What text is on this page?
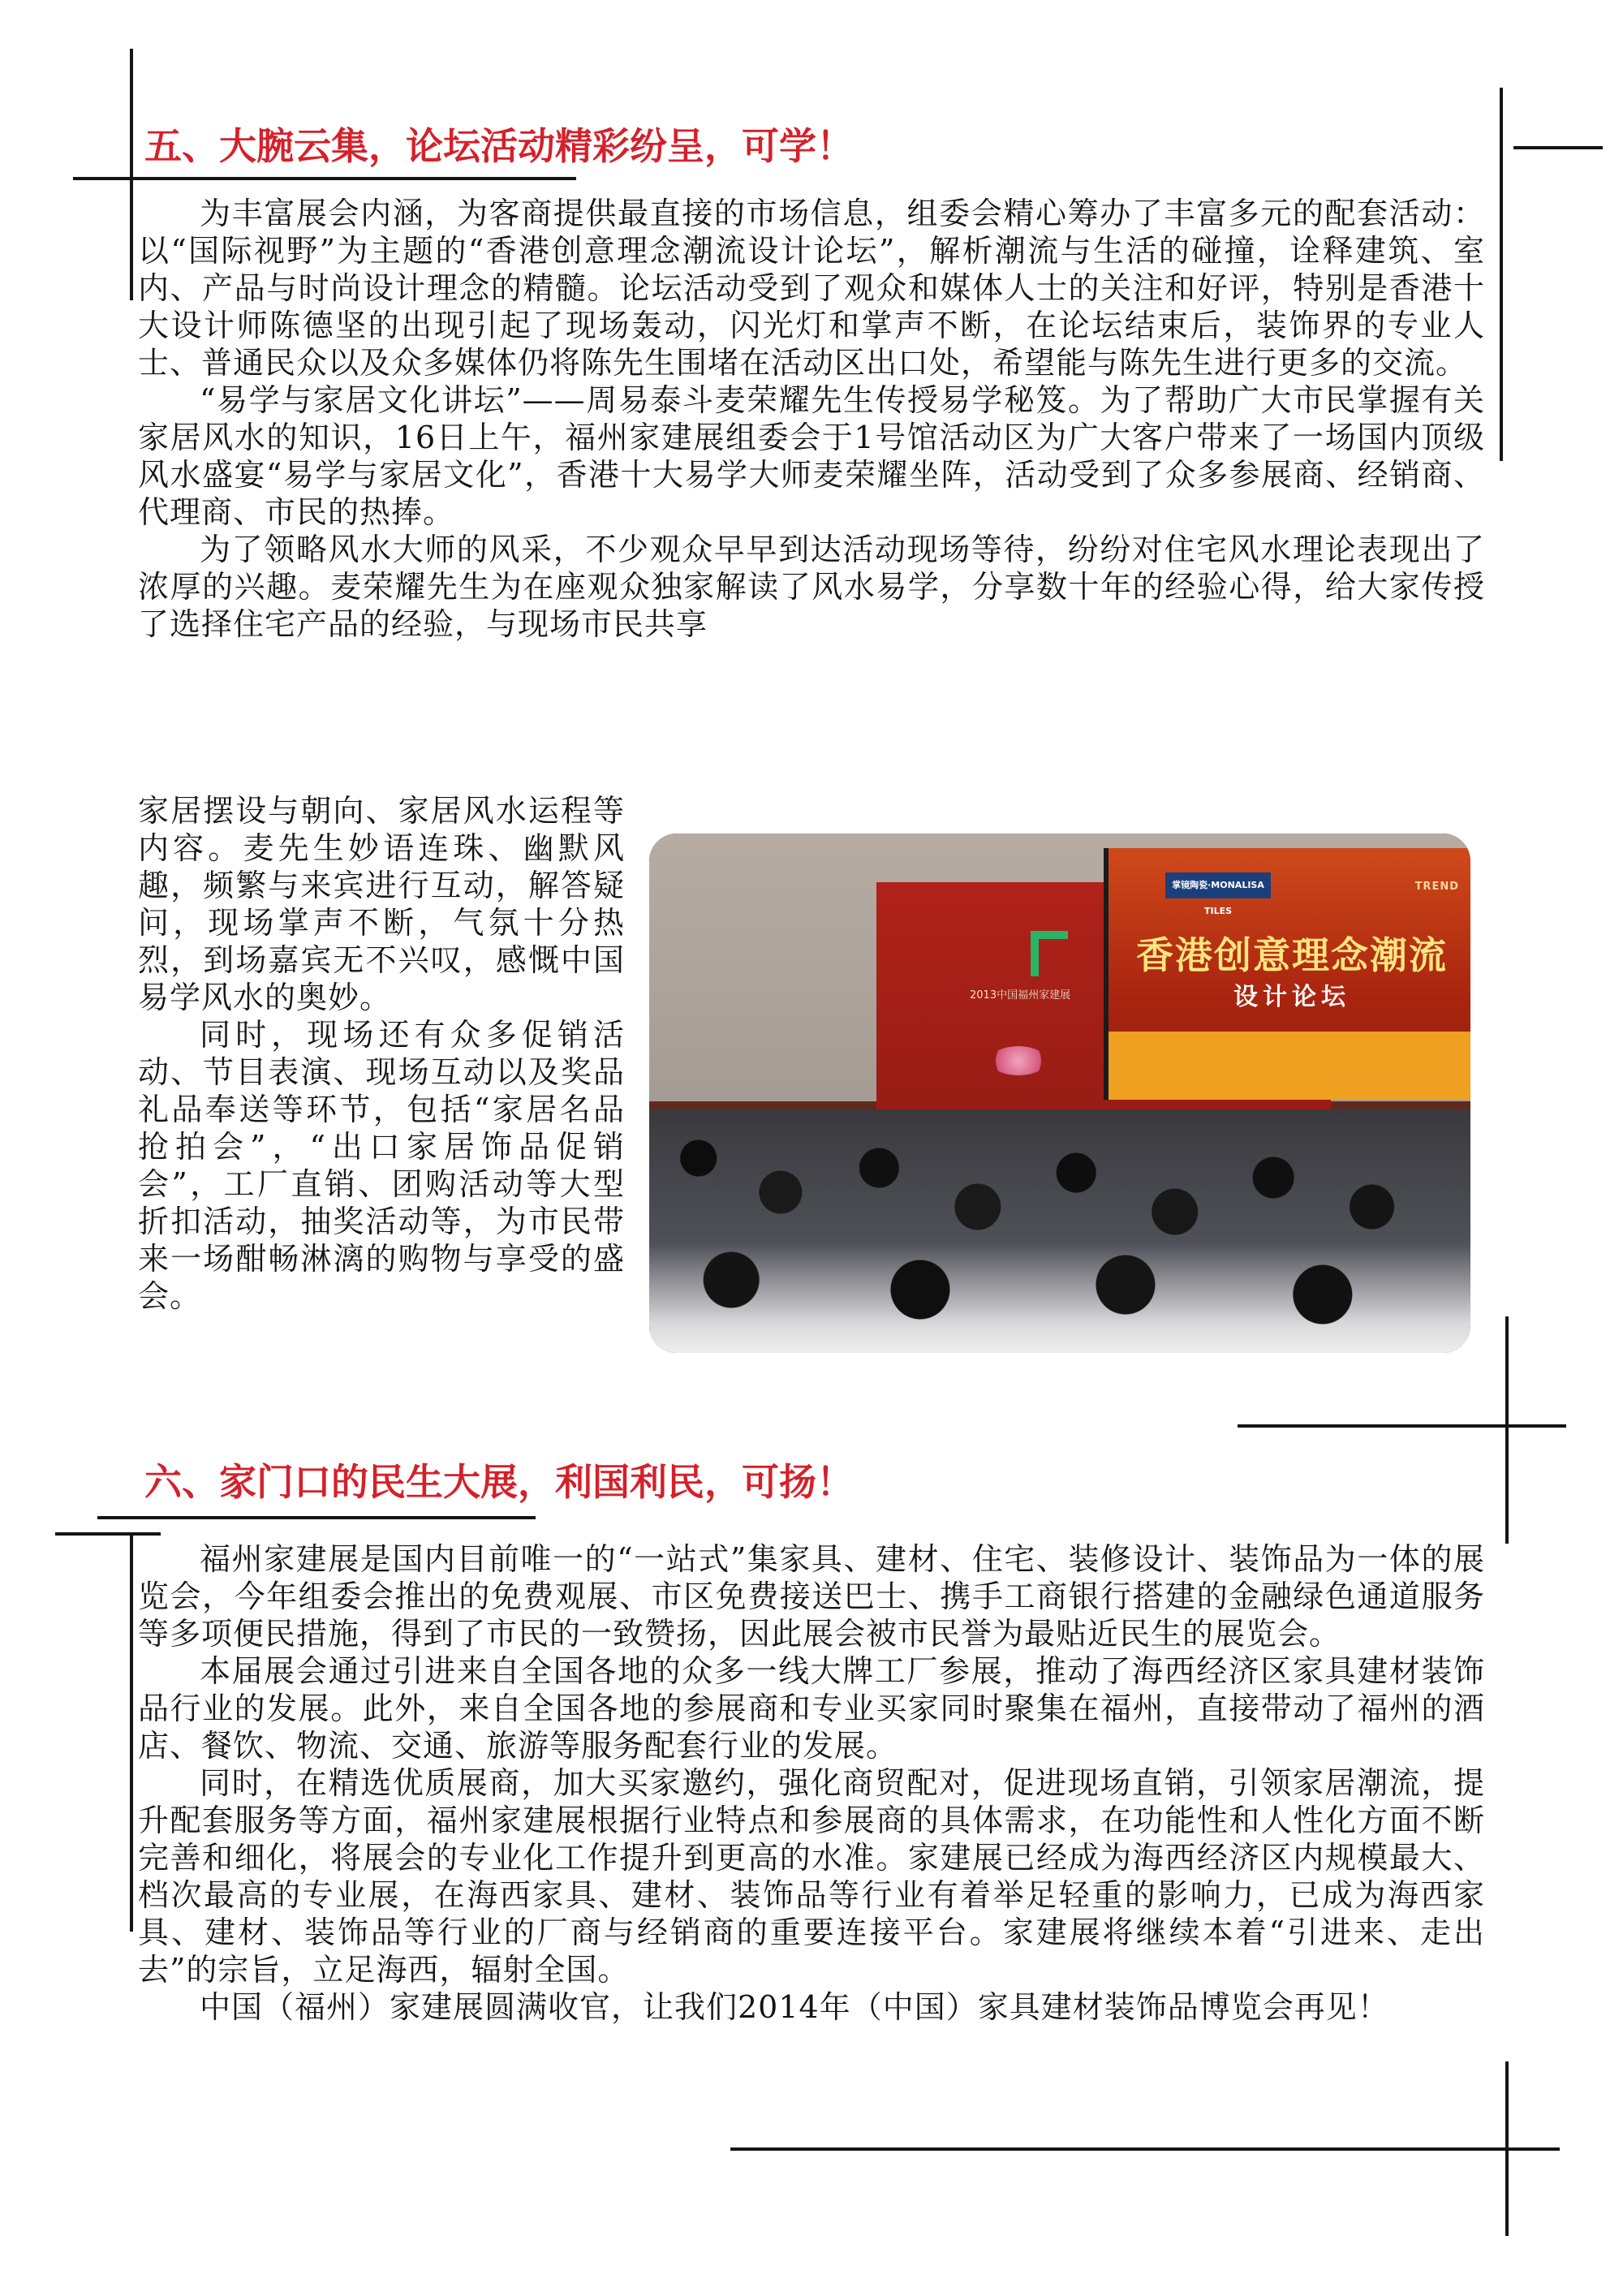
五、大腕云集，论坛活动精彩纷呈，可学！

为丰富展会内涵，为客商提供最直接的市场信息，组委会精心筹办了丰富多元的配套活动：以“国际视野”为主题的“香港创意理念潮流设计论坛”，解析潮流与生活的碰撞，诠释建筑、室内、产品与时尚设计理念的精髓。论坛活动受到了观众和媒体人士的关注和好评，特别是香港十大设计师陈德坚的出现引起了现场轰动，闪光灯和掌声不断，在论坛结束后，装饰界的专业人士、普通民众以及众多媒体仍将陈先生围堵在活动区出口处，希望能与陈先生进行更多的交流。

“易学与家居文化讲坛”——周易泰斗麦荣耀先生传授易学秘笈。为了帮助广大市民掌握有关家居风水的知识，16日上午，福州家建展组委会于1号馆活动区为广大客户带来了一场国内顶级风水盛宴“易学与家居文化”，香港十大易学大师麦荣耀坐阵，活动受到了众多参展商、经销商、代理商、市民的热捧。

为了领略风水大师的风采，不少观众早早到达活动现场等待，纷纷对住宅风水理论表现出了浓厚的兴趣。麦荣耀先生为在座观众独家解读了风水易学，分享数十年的经验心得，给大家传授了选择住宅产品的经验，与现场市民共享

家居摆设与朝向、家居风水运程等内容。麦先生妙语连珠、幽默风趣，频繁与来宾进行互动，解答疑问，现场掌声不断，气氛十分热烈，到场嘉宾无不兴叹，感慨中国易学风水的奥妙。

同时，现场还有众多促销活动、节目表演、现场互动以及奖品礼品奉送等环节，包括“家居名品抢拍会”，“出口家居饰品促销会”，工厂直销、团购活动等大型折扣活动，抽奖活动等，为市民带来一场酣畅淋漓的购物与享受的盛会。

2013中国福州家建展
掌镜陶瓷·MONALISA TILES
TREND
香港创意理念潮流
设计论坛
六、家门口的民生大展，利国利民，可扬！

福州家建展是国内目前唯一的“一站式”集家具、建材、住宅、装修设计、装饰品为一体的展览会，今年组委会推出的免费观展、市区免费接送巴士、携手工商银行搭建的金融绿色通道服务等多项便民措施，得到了市民的一致赞扬，因此展会被市民誉为最贴近民生的展览会。

本届展会通过引进来自全国各地的众多一线大牌工厂参展，推动了海西经济区家具建材装饰品行业的发展。此外，来自全国各地的参展商和专业买家同时聚集在福州，直接带动了福州的酒店、餐饮、物流、交通、旅游等服务配套行业的发展。

同时，在精选优质展商，加大买家邀约，强化商贸配对，促进现场直销，引领家居潮流，提升配套服务等方面，福州家建展根据行业特点和参展商的具体需求，在功能性和人性化方面不断完善和细化，将展会的专业化工作提升到更高的水准。家建展已经成为海西经济区内规模最大、档次最高的专业展，在海西家具、建材、装饰品等行业有着举足轻重的影响力，已成为海西家具、建材、装饰品等行业的厂商与经销商的重要连接平台。家建展将继续本着“引进来、走出去”的宗旨，立足海西，辐射全国。

中国（福州）家建展圆满收官，让我们2014年（中国）家具建材装饰品博览会再见！
